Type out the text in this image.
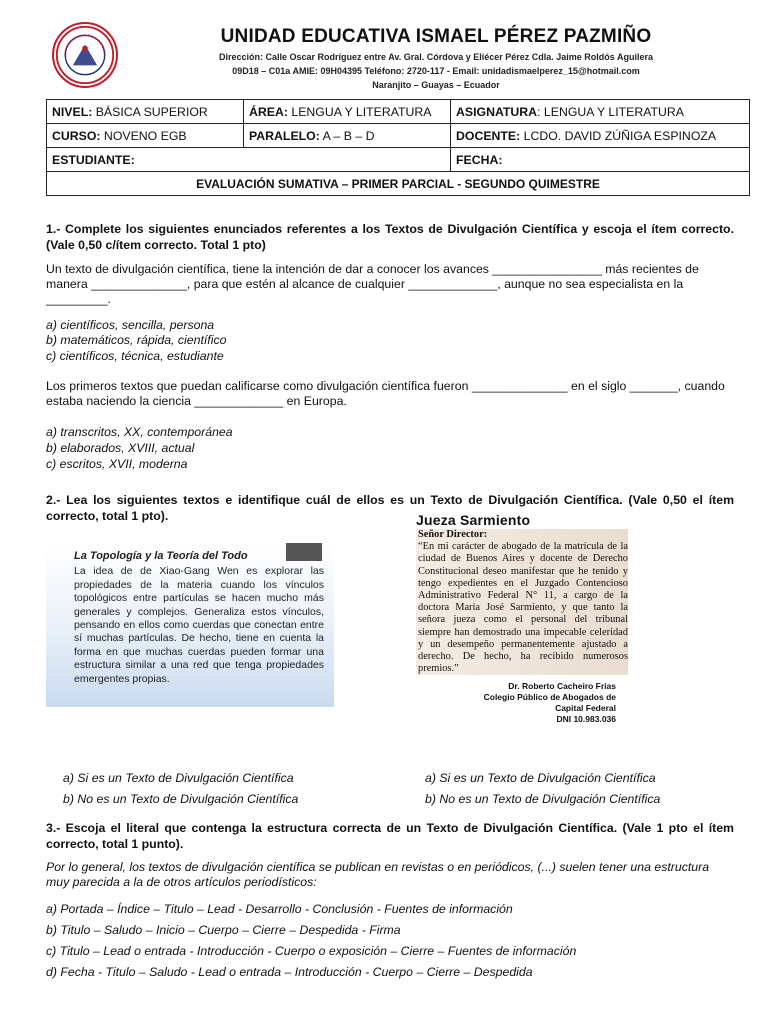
UNIDAD EDUCATIVA ISMAEL PÉREZ PAZMIÑO
Dirección: Calle Oscar Rodríguez entre Av. Gral. Córdova y Eliécer Pérez Cdla. Jaime Roldós Aguilera
09D18 – C01a AMIE: 09H04395 Teléfono: 2720-117 - Email: unidadismaelperez_15@hotmail.com
Naranjito – Guayas – Ecuador
NIVEL: BÁSICA SUPERIOR	ÁREA: LENGUA Y LITERATURA	ASIGNATURA: LENGUA Y LITERATURA
CURSO: NOVENO EGB	PARALELO: A – B – D	DOCENTE: LCDO. DAVID ZÚÑIGA ESPINOZA
ESTUDIANTE:		FECHA:
EVALUACIÓN SUMATIVA – PRIMER PARCIAL - SEGUNDO QUIMESTRE		
1.- Complete los siguientes enunciados referentes a los Textos de Divulgación Científica y escoja el ítem correcto. (Vale 0,50 c/ítem correcto. Total 1 pto)
Un texto de divulgación científica, tiene la intención de dar a conocer los avances ________________ más recientes de manera ______________, para que estén al alcance de cualquier _____________, aunque no sea especialista en la _________.
a) científicos, sencilla, persona
b) matemáticos, rápida, científico
c) científicos, técnica, estudiante
Los primeros textos que puedan calificarse como divulgación científica fueron ______________ en el siglo _______, cuando estaba naciendo la ciencia _____________ en Europa.
a) transcritos, XX, contemporánea
b) elaborados, XVIII, actual
c) escritos, XVII, moderna
2.- Lea los siguientes textos e identifique cuál de ellos es un Texto de Divulgación Científica. (Vale 0,50 el ítem correcto, total 1 pto).
La Topología y la Teoría del Todo
La idea de de Xiao-Gang Wen es explorar las propiedades de la materia cuando los vínculos topológicos entre partículas se hacen mucho más generales y complejos. Generaliza estos vínculos, pensando en ellos como cuerdas que conectan entre sí muchas partículas. De hecho, tiene en cuenta la forma en que muchas cuerdas pueden formar una estructura similar a una red que tenga propiedades emergentes propias.
Jueza Sarmiento
Señor Director:
“En mi carácter de abogado de la matrícula de la ciudad de Buenos Aires y docente de Derecho Constitucional deseo manifestar que he tenido y tengo expedientes en el Juzgado Contencioso Administrativo Federal N° 11, a cargo de la doctora María José Sarmiento, y que tanto la señora jueza como el personal del tribunal siempre han demostrado una impecable celeridad y un desempeño permanentemente ajustado a derecho. De hecho, ha recibido numerosos premios.”
Dr. Roberto Cacheiro Frías
Colegio Público de Abogados de
Capital Federal
DNI 10.983.036
a) Si es un Texto de Divulgación Científica
b) No es un Texto de Divulgación Científica
a) Si es un Texto de Divulgación Científica
b) No es un Texto de Divulgación Científica
3.- Escoja el literal que contenga la estructura correcta de un Texto de Divulgación Científica. (Vale 1 pto el ítem correcto, total 1 punto).
Por lo general, los textos de divulgación científica se publican en revistas o en periódicos, (...) suelen tener una estructura muy parecida a la de otros artículos periodísticos:
a) Portada – Índice – Titulo – Lead - Desarrollo - Conclusión - Fuentes de información
b) Titulo – Saludo – Inicio – Cuerpo – Cierre – Despedida - Firma
c) Titulo – Lead o entrada - Introducción - Cuerpo o exposición – Cierre – Fuentes de información
d) Fecha - Titulo – Saludo - Lead o entrada – Introducción - Cuerpo – Cierre – Despedida
